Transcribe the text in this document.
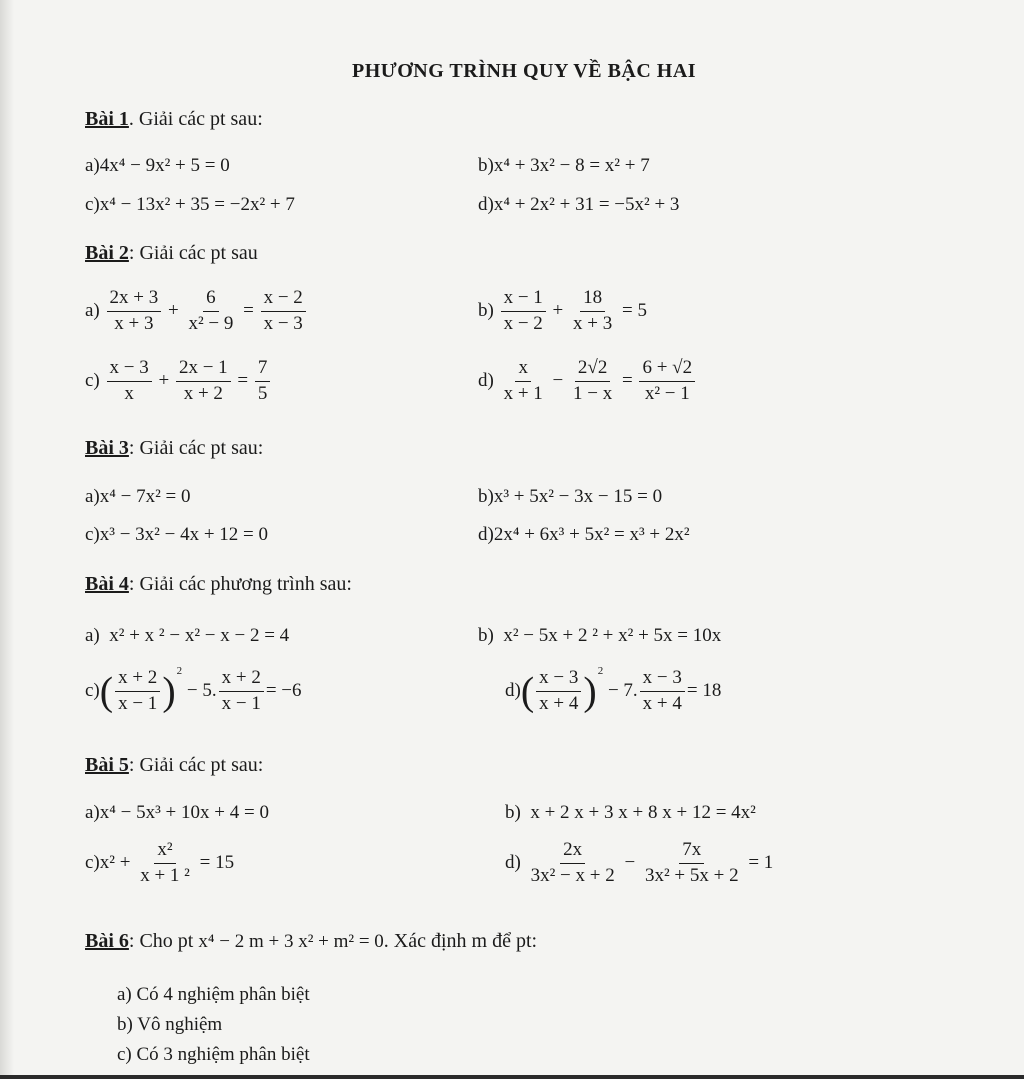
PHƯƠNG TRÌNH QUY VỀ BẬC HAI
Bài 1. Giải các pt sau:
a)4x⁴ − 9x² + 5 = 0	b)x⁴ + 3x² − 8 = x² + 7
c)x⁴ − 13x² + 35 = −2x² + 7	d)x⁴ + 2x² + 31 = −5x² + 3
Bài 2: Giải các pt sau
$a) \frac{2x + 3}{x + 3} + \frac{6}{\text{x² − 9}} = \frac{x - 2}{x - 3}$	$b) \frac{x - 1}{x - 2} + \frac{18}{x + 3} = 5$
$c) \frac{x - 3}{x} + \frac{2x - 1}{x + 2} = \frac{7}{5}$	$d) \frac{x}{x + 1} - \frac{2√2}{1 - x} = \frac{6 + √2}{\text{x² − 1}}$
Bài 3: Giải các pt sau:
a)x⁴ − 7x² = 0	b)x³ + 5x² − 3x − 15 = 0
c)x³ − 3x² − 4x + 12 = 0	d)2x⁴ + 6x³ + 5x² = x³ + 2x²
Bài 4: Giải các phương trình sau:
a) x² + x ² − x² − x − 2 = 4	b) x² − 5x + 2 ² + x² + 5x = 10x
$c)( \frac{x + 2}{x - 1} )^2 - 5$. $\frac{x + 2}{x - 1} = -6$	$d)( \frac{x - 3}{x + 4} )^2 - 7$. $\frac{x - 3}{x + 4} = 18$
Bài 5: Giải các pt sau:
a)x⁴ − 5x³ + 10x + 4 = 0	b) x + 2 x + 3 x + 8 x + 12 = 4x²
$c)x^2 + \frac{\text{x²}}{\text{x + 1 ²}} = 15$	$d) \frac{2x}{\text{3x² − x + 2}} - \frac{7x}{\text{3x² + 5x + 2}} = 1$
Bài 6: Cho pt x⁴ − 2 m + 3 x² + m² = 0. Xác định m để pt:
a) Có 4 nghiệm phân biệt
b) Vô nghiệm
c) Có 3 nghiệm phân biệt
